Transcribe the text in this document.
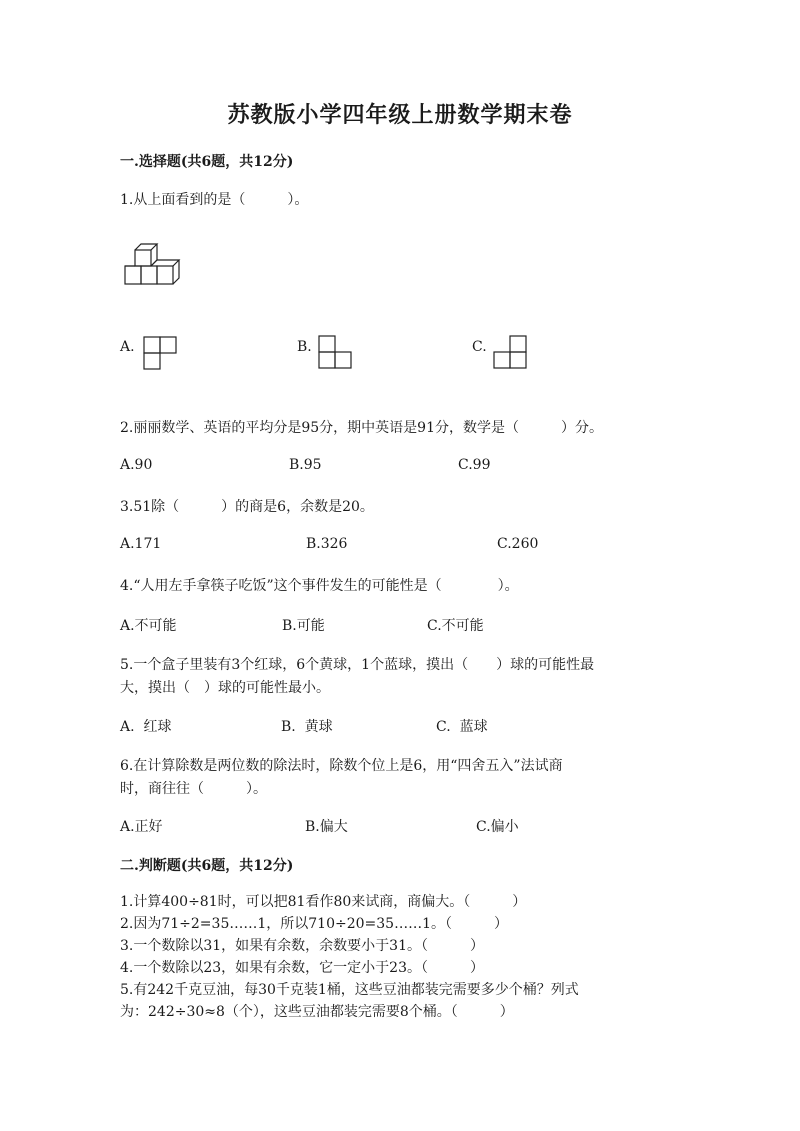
苏教版小学四年级上册数学期末卷
一.选择题(共6题，共12分)
1.从上面看到的是（　　　）。
A.	B.	C.
2.丽丽数学、英语的平均分是95分，期中英语是91分，数学是（　　　）分。
A.90	B.95	C.99
3.51除（　　　）的商是6，余数是20。
A.171	B.326	C.260
4.“人用左手拿筷子吃饭”这个事件发生的可能性是（　　　　）。
A.不可能	B.可能	C.不可能
5.一个盒子里装有3个红球，6个黄球，1个蓝球，摸出（　　）球的可能性最
大，摸出（　）球的可能性最小。
A.  红球	B.  黄球	C.  蓝球
6.在计算除数是两位数的除法时，除数个位上是6，用“四舍五入”法试商
时，商往往（　　　）。
A.正好	B.偏大	C.偏小
二.判断题(共6题，共12分)
1.计算400÷81时，可以把81看作80来试商，商偏大。（　　　）
2.因为71÷2=35……1，所以710÷20=35……1。（　　　）
3.一个数除以31，如果有余数，余数要小于31。（　　　）
4.一个数除以23，如果有余数，它一定小于23。（　　　）
5.有242千克豆油，每30千克装1桶，这些豆油都装完需要多少个桶？列式
为：242÷30≈8（个），这些豆油都装完需要8个桶。（　　　）
